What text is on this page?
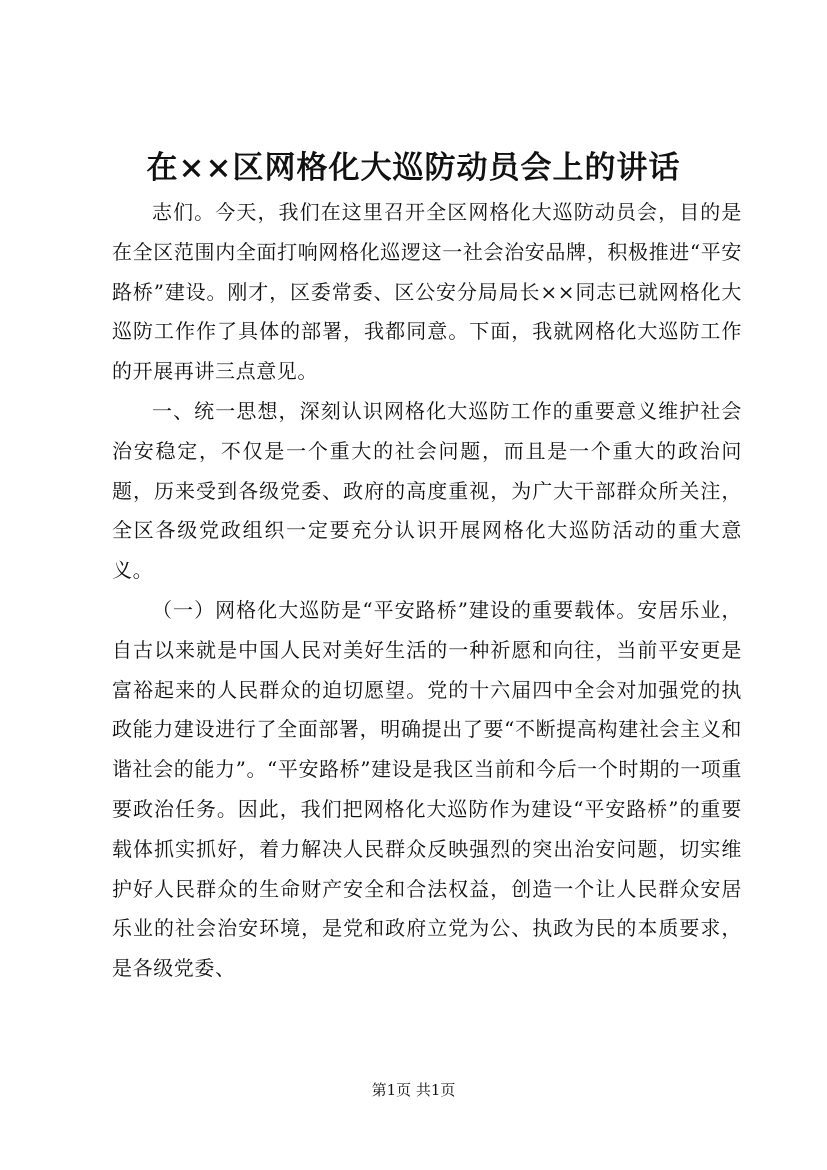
在××区网格化大巡防动员会上的讲话

志们。今天，我们在这里召开全区网格化大巡防动员会，目的是在全区范围内全面打响网格化巡逻这一社会治安品牌，积极推进“平安路桥”建设。刚才，区委常委、区公安分局局长××同志已就网格化大巡防工作作了具体的部署，我都同意。下面，我就网格化大巡防工作的开展再讲三点意见。

一、统一思想，深刻认识网格化大巡防工作的重要意义维护社会治安稳定，不仅是一个重大的社会问题，而且是一个重大的政治问题，历来受到各级党委、政府的高度重视，为广大干部群众所关注，全区各级党政组织一定要充分认识开展网格化大巡防活动的重大意义。

（一）网格化大巡防是“平安路桥”建设的重要载体。安居乐业，自古以来就是中国人民对美好生活的一种祈愿和向往，当前平安更是富裕起来的人民群众的迫切愿望。党的十六届四中全会对加强党的执政能力建设进行了全面部署，明确提出了要“不断提高构建社会主义和谐社会的能力”。“平安路桥”建设是我区当前和今后一个时期的一项重要政治任务。因此，我们把网格化大巡防作为建设“平安路桥”的重要载体抓实抓好，着力解决人民群众反映强烈的突出治安问题，切实维护好人民群众的生命财产安全和合法权益，创造一个让人民群众安居乐业的社会治安环境，是党和政府立党为公、执政为民的本质要求，是各级党委、

第1页 共1页
